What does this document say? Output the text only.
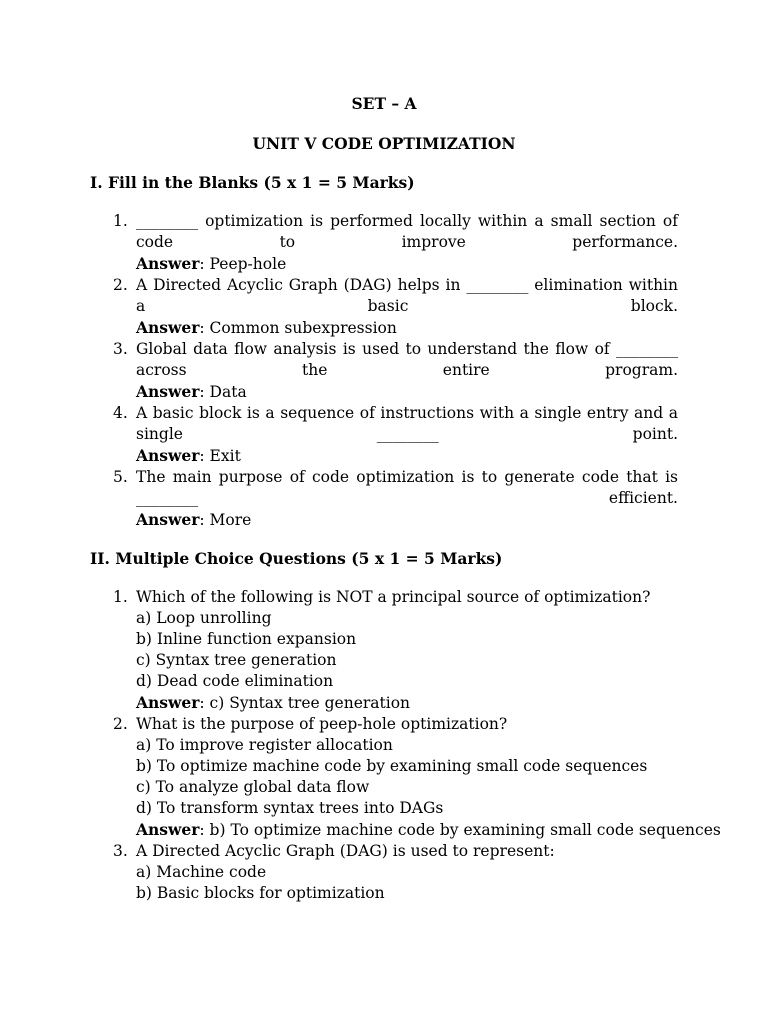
SET – A
UNIT V CODE OPTIMIZATION
I. Fill in the Blanks (5 x 1 = 5 Marks)
1. ________ optimization is performed locally within a small section of code to improve performance.
Answer: Peep-hole
2. A Directed Acyclic Graph (DAG) helps in ________ elimination within a basic block.
Answer: Common subexpression
3. Global data flow analysis is used to understand the flow of ________ across the entire program.
Answer: Data
4. A basic block is a sequence of instructions with a single entry and a single ________ point.
Answer: Exit
5. The main purpose of code optimization is to generate code that is ________ efficient.
Answer: More
II. Multiple Choice Questions (5 x 1 = 5 Marks)
1. Which of the following is NOT a principal source of optimization?
a) Loop unrolling
b) Inline function expansion
c) Syntax tree generation
d) Dead code elimination
Answer: c) Syntax tree generation
2. What is the purpose of peep-hole optimization?
a) To improve register allocation
b) To optimize machine code by examining small code sequences
c) To analyze global data flow
d) To transform syntax trees into DAGs
Answer: b) To optimize machine code by examining small code sequences
3. A Directed Acyclic Graph (DAG) is used to represent:
a) Machine code
b) Basic blocks for optimization
